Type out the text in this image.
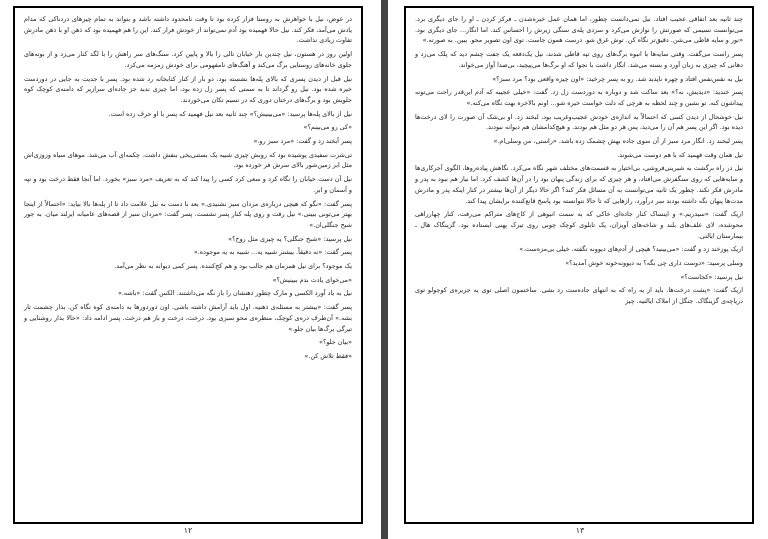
در عوض، نیل با خواهرش به روستا فرار کرده بود تا وقت نامحدود داشته باشد و بتواند به تمام چیزهای دردناکی که مدام یادش می‌آمد، فکر کند. نیل حالا فهمیده بود آدم نمی‌تواند از خودش فرار کند. این را هم فهمیده بود که ذهن او با ذهن مادرش تفاوت زیادی نداشت.

اولین روز در هستون، نیل چندین بار خیابان تالی را بالا و پایین کرد. سنگ‌های سر راهش را با لگد کنار می‌زد و از بوته‌های جلوی خانه‌های روستایی برگ می‌کند و آهنگ‌های نامفهومی برای خودش زمزمه می‌کرد.

نیل قبل از دیدن پسری که بالای پله‌ها نشسته بود، دو بار از کنار کتابخانه رد شده بود. پسر با جدیت به جایی در دوردست خیره شده بود. نیل رو گرداند تا به سمتی که پسر زل زده بود، اما چیزی ندید جز جاده‌ای سرازیر که دامنه‌ی کوچک کوه جلویش بود و برگ‌های درختان دوری که در نسیم تکان می‌خوردند.

نیل از بالای پله‌ها پرسید: «می‌بینیش؟» چند ثانیه بعد نیل فهمید که پسر با او حرف زده است.

«کی رو می‌بینم؟»

پسر آبخند زد و گفت: «مرد سبز رو.»

تی‌شرت سفیدی پوشیده بود که روبش چیزی شبیه یک بستنی‌یخی بنفش داشت. چکمه‌ای آب می‌شد. موهای سیاه وزوزی‌اش مثل ابر زمین‌شور بالای سرش فر خورده بود.

نیل آن دست خیابان را نگاه کرد و سعی کرد کسی را پیدا کند که به تعریف «مرد سبز» بخورد. اما آنجا فقط درخت بود و تپه و آسمان و ابر.

پسر گفت: «نگو که هیچی درباره‌ی مردان سبز نشنیدی.» بعد با دست به نیل علامت داد تا از پله‌ها بالا بیاید: «احتمالاً از اینجا بهتر می‌تونی ببینی.» نیل رفت و روی پله کنار پسر نشست. پسر گفت: «مردان سبز از قصه‌های عامیانه ایرلند میان. به جور شبح جنگلی‌ان.»

نیل پرسید: «شبح جنگلی؟ یه چیزی مثل روح؟»

پسر گفت: «نه دقیقاً. بیشتر شبیه یه... شبیه به یه موجوده.»

یک موجود؟ برای نیل همزمان هم جالب بود و هم کج‌کننده. پسر کمی دیوانه به نظر می‌آمد.

«می‌خوای یادت بدم ببینیش؟»

نیل به یاد آورد الکسی و مارک چطور ذهنشان را باز نگه می‌داشتند. الکس گفت: «باشه.»

پسر گفت: «بیشتر به مسئله‌ی ذهنیه. اول باید آرامش داشته باشی. اون دوردورها به دامنه‌ی کوه نگاه کن. بذار چشمت تار بشه.» آن‌طرف دره‌ی کوچک، منظره‌ی محو سبزی بود. درخت، درخت و باز هم درخت. پسر ادامه داد: «حالا بذار روشنایی و تیرگی برگ‌ها بیان جلو.»

«بیان جلو؟»

«فقط تلاش کن.»

۱۲

چند ثانیه بعد اتفاقی عجیب افتاد. نیل نمی‌دانست چطور، اما همان عمل خیره‌شدن ـ فرکز کردن ـ او را جای دیگری برد. می‌توانست نسیمی که صورتش را نوازش می‌کرد و سردی پله‌ی سنگی زیرش را احساس کند. اما انگار... جای دیگری بود. «نور و سایه قاطی می‌شن. دقیق‌تر نگاه کن. توش غرق شو. درست همون جاست. توی اون تصویر محو. ببین. به صورته.»

پسر راست می‌گفت. وقتی سایه‌ها با انبوه برگ‌های روی تپه قاطی شدند، نیل یک‌دفعه یک جفت چشم دید که پلک می‌زد و دهانی که چیزی به زبان آورد و بسته می‌شد. انگار داشت با نجوا که او برگ‌ها می‌پیچید، بی‌صدا آواز می‌خواند.

نیل به نفس‌نفس افتاد و چهره ناپدید شد. رو به پسر چرخید: «اون چیزه واقعی بود؟ مرد سبز؟»

پسر خندید: «دیدیش، نه؟» بعد ساکت شد و دوباره به دوردست زل زد. گفت: «خیلی عجیبه که آدم این‌قدر راحت می‌تونه پیداشون کنه. تو بشین و چند لحظه به هرچی که دلت خواست خیره شو... اونم بالاخره بهت نگاه می‌کنه.»

نیل خوشحال از دیدن کسی که احتمالاً به اندازه‌ی خودش عجیب‌وغریب بود، لبخند زد. او بی‌شک آن صورت را لای درخت‌ها دیده بود. اگر این پسر هم آن را می‌دید، پس هر دو مثل هم بودند. و هیچ‌کدامشان هم دیوانه نبودند.

پسر لبخند زد. انگار مرد سبز از آن سوی جاده بهش چشمک زده باشد. «راستی، من وسلی‌ام.»

نیل همان وقت فهمید که با هم دوست می‌شوند.

نیل در راه برگشت به شیرینی‌فروشی، بی‌اختیار به قسمت‌های مختلف شهر نگاه می‌کرد. نگاهش پیاده‌روها، الگوی آجرکاری‌ها و سایه‌هایی که روی سنگفرش می‌افتاد، و هر چیزی که برای زندگی پنهان بود را در آن‌ها کشف کرد. اما نیاز هم نبود به پدر و مادرش فکر نکند. چطور یک ثانیه می‌توانست به آن مسائل فکر کند؟ اگر حالا دیگر از آن‌ها بیشتر در کنار اینکه پدر و مادرش مدت‌ها پنهان نگه داشته بودند سر درآورد، رازهایی که تا حالا نتوانسته بود پاسخ قانع‌کننده برایشان پیدا کند.

اریک گفت: «سیدریم.» و اینساک کنار جاده‌ای خاکی که به سمت انبوهی از کاج‌های متراکم می‌رفت، کنار چهارراهی محوشده، لای علف‌های بلند و شاخه‌های آویزان، یک تابلوی کوچک چوبی روی تیرک پهنی ایستاده بود. گزینگاک هال ـ بیمارستان ایالتی.

اریک پوزخند زد و گفت: «می‌بینید؟ هیچی از آدم‌های دیوونه نگفته. خیلی بی‌مزه‌ست.»

وسلی پرسید: «دوست داری چی بگه؟ به دیوونه‌خونه خوش آمدید؟»

نیل پرسید: «کجاست؟»

اریک گفت: «پشت درخت‌ها. باید از یه راه که به انتهای جاده‌ست رد بشی. ساختمون اصلی توی یه جزیره‌ی کوچولو توی دریاچه‌ی گزینگاک. جنگل از املاک ایالتیه. چیز

۱۳
